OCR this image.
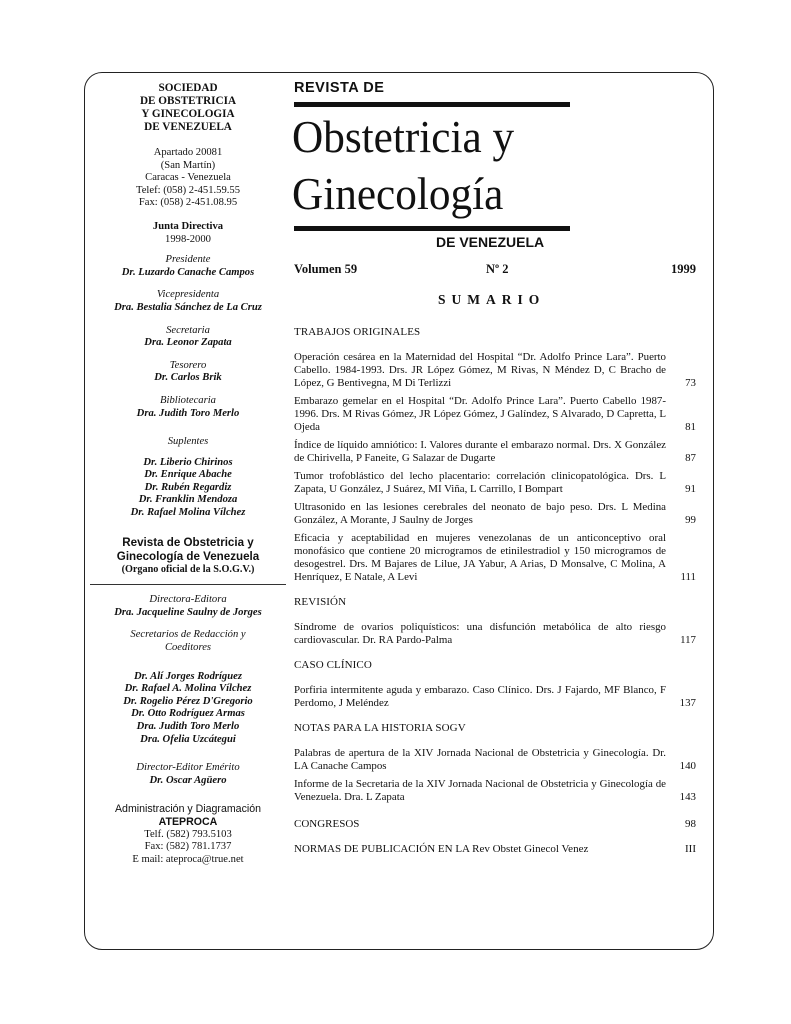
SOCIEDAD
DE OBSTETRICIA
Y GINECOLOGIA
DE VENEZUELA
Apartado 20081
(San Martín)
Caracas - Venezuela
Telef: (058) 2-451.59.55
Fax: (058) 2-451.08.95
Junta Directiva
1998-2000
Presidente
Dr. Luzardo Canache Campos
Vicepresidenta
Dra. Bestalia Sánchez de La Cruz
Secretaria
Dra. Leonor Zapata
Tesorero
Dr. Carlos Brik
Bibliotecaria
Dra. Judith Toro Merlo
Suplentes
Dr. Liberio Chirinos
Dr. Enrique Abache
Dr. Rubén Regardiz
Dr. Franklin Mendoza
Dr. Rafael Molina Vílchez
Revista de Obstetricia y
Ginecología de Venezuela
(Organo oficial de la S.O.G.V.)
Directora-Editora
Dra. Jacqueline Saulny de Jorges
Secretarios de Redacción y
Coeditores
Dr. Alí Jorges Rodríguez
Dr. Rafael A. Molina Vílchez
Dr. Rogelio Pérez D'Gregorio
Dr. Otto Rodríguez Armas
Dra. Judith Toro Merlo
Dra. Ofelia Uzcátegui
Director-Editor Emérito
Dr. Oscar Agüero
Administración y Diagramación
ATEPROCA
Telf. (582) 793.5103
Fax: (582) 781.1737
E mail: ateproca@true.net
REVISTA DE
Obstetricia y
Ginecología
DE VENEZUELA
Volumen 59	Nº 2	1999
SUMARIO
TRABAJOS ORIGINALES
Operación cesárea en la Maternidad del Hospital “Dr. Adolfo Prince Lara”. Puerto Cabello. 1984-1993. Drs. JR López Gómez, M Rivas, N Méndez D, C Bracho de López, G Bentivegna, M Di Terlizzi	73
Embarazo gemelar en el Hospital “Dr. Adolfo Prince Lara”. Puerto Cabello 1987-1996. Drs. M Rivas Gómez, JR López Gómez, J Galíndez, S Alvarado, D Capretta, L Ojeda	81
Índice de líquido amniótico: I. Valores durante el embarazo normal. Drs. X González de Chirivella, P Faneite, G Salazar de Dugarte	87
Tumor trofoblástico del lecho placentario: correlación clinicopatológica. Drs. L Zapata, U González, J Suárez, MI Viña, L Carrillo, I Bompart	91
Ultrasonido en las lesiones cerebrales del neonato de bajo peso. Drs. L Medina González, A Morante, J Saulny de Jorges	99
Eficacia y aceptabilidad en mujeres venezolanas de un anticonceptivo oral monofásico que contiene 20 microgramos de etinilestradiol y 150 microgramos de desogestrel. Drs. M Bajares de Lilue, JA Yabur, A Arias, D Monsalve, C Molina, A Henríquez, E Natale, A Levi	111
REVISIÓN
Síndrome de ovarios poliquísticos: una disfunción metabólica de alto riesgo cardiovascular. Dr. RA Pardo-Palma	117
CASO CLÍNICO
Porfiria intermitente aguda y embarazo. Caso Clínico. Drs. J Fajardo, MF Blanco, F Perdomo, J Meléndez	137
NOTAS PARA LA HISTORIA SOGV
Palabras de apertura de la XIV Jornada Nacional de Obstetricia y Ginecología. Dr. LA Canache Campos	140
Informe de la Secretaria de la XIV Jornada Nacional de Obstetricia y Ginecología de Venezuela. Dra. L Zapata	143
CONGRESOS	98
NORMAS DE PUBLICACIÓN EN LA Rev Obstet Ginecol Venez	III
